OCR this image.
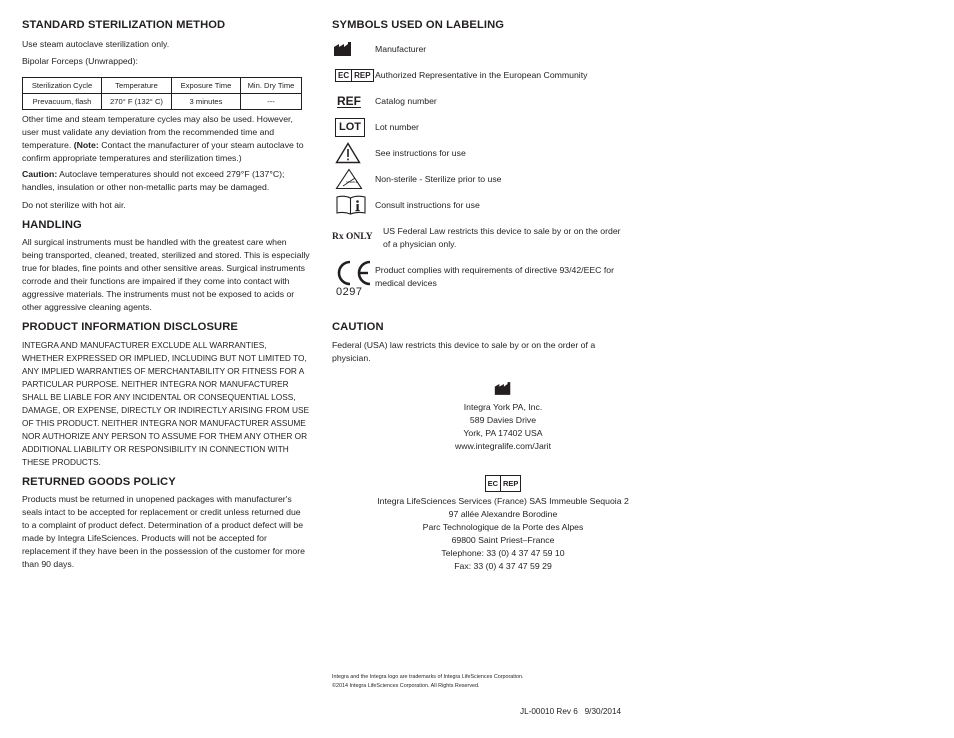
STANDARD STERILIZATION METHOD
Use steam autoclave sterilization only.
Bipolar Forceps (Unwrapped):
Sterilization Cycle	Temperature	Exposure Time	Min. Dry Time
Prevacuum, flash	270° F (132° C)	3 minutes	---
Other time and steam temperature cycles may also be used. However, user must validate any deviation from the recommended time and temperature. (Note: Contact the manufacturer of your steam autoclave to confirm appropriate temperatures and sterilization times.)
Caution: Autoclave temperatures should not exceed 279°F (137°C); handles, insulation or other non-metallic parts may be damaged.
Do not sterilize with hot air.
HANDLING
All surgical instruments must be handled with the greatest care when being transported, cleaned, treated, sterilized and stored. This is especially true for blades, fine points and other sensitive areas. Surgical instruments corrode and their functions are impaired if they come into contact with aggressive materials. The instruments must not be exposed to acids or other aggressive cleaning agents.
PRODUCT INFORMATION DISCLOSURE
INTEGRA AND MANUFACTURER EXCLUDE ALL WARRANTIES, WHETHER EXPRESSED OR IMPLIED, INCLUDING BUT NOT LIMITED TO, ANY IMPLIED WARRANTIES OF MERCHANTABILITY OR FITNESS FOR A PARTICULAR PURPOSE. NEITHER INTEGRA NOR MANUFACTURER SHALL BE LIABLE FOR ANY INCIDENTAL OR CONSEQUENTIAL LOSS, DAMAGE, OR EXPENSE, DIRECTLY OR INDIRECTLY ARISING FROM USE OF THIS PRODUCT. NEITHER INTEGRA NOR MANUFACTURER ASSUME NOR AUTHORIZE ANY PERSON TO ASSUME FOR THEM ANY OTHER OR ADDITIONAL LIABILITY OR RESPONSIBILITY IN CONNECTION WITH THESE PRODUCTS.
RETURNED GOODS POLICY
Products must be returned in unopened packages with manufacturer's seals intact to be accepted for replacement or credit unless returned due to a complaint of product defect. Determination of a product defect will be made by Integra LifeSciences. Products will not be accepted for replacement if they have been in the possession of the customer for more than 90 days.
SYMBOLS USED ON LABELING
Manufacturer
EC REP Authorized Representative in the European Community
REF Catalog number
LOT	Lot number
See instructions for use
STERILE Non-sterile - Sterilize prior to use
Consult instructions for use
Rx ONLY
US Federal Law restricts this device to sale by or on the order of a physician only.
0297
Product complies with requirements of directive 93/42/EEC for medical devices
CAUTION
Federal (USA) law restricts this device to sale by or on the order of a physician.
Integra York PA, Inc.
589 Davies Drive
York, PA 17402 USA
www.integralife.com/Jarit
EC REP
Integra LifeSciences Services (France) SAS Immeuble Sequoia 2
97 allée Alexandre Borodine
Parc Technologique de la Porte des Alpes
69800 Saint Priest–France
Telephone: 33 (0) 4 37 47 59 10
Fax: 33 (0) 4 37 47 59 29
Integra and the Integra logo are trademarks of Integra LifeSciences Corporation.
©2014 Integra LifeSciences Corporation. All Rights Reserved.
JL-00010 Rev 6   9/30/2014
